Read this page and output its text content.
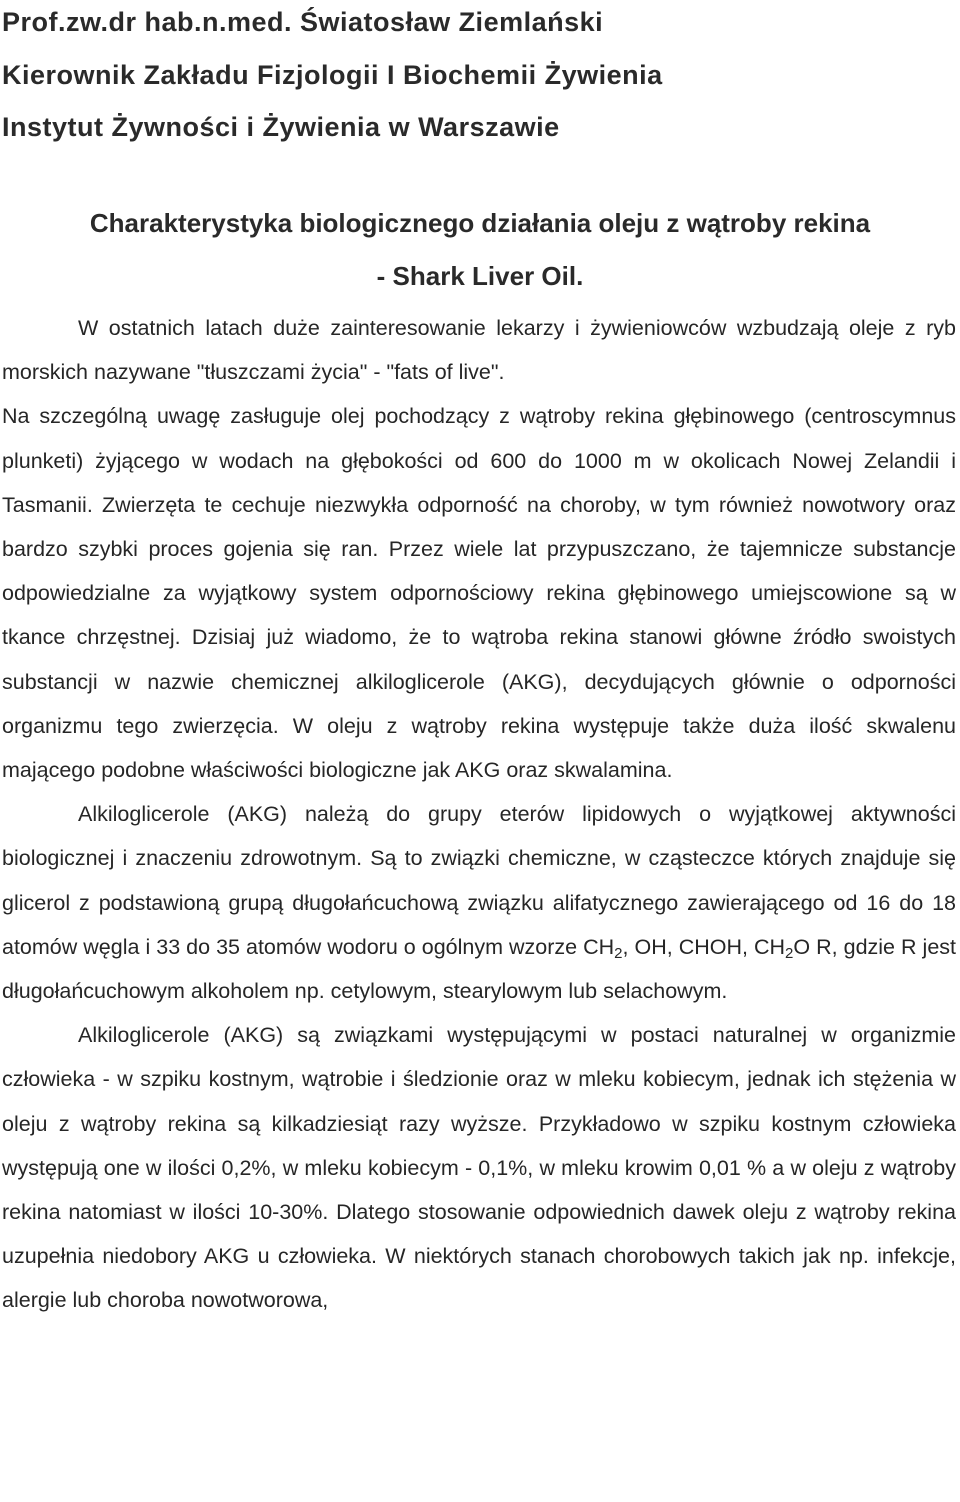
Prof.zw.dr hab.n.med. Światosław Ziemlański
Kierownik Zakładu Fizjologii I Biochemii Żywienia
Instytut Żywności i Żywienia w Warszawie
Charakterystyka biologicznego działania oleju z wątroby rekina
- Shark Liver Oil.

W ostatnich latach duże zainteresowanie lekarzy i żywieniowców wzbudzają oleje z ryb morskich nazywane "tłuszczami życia" - "fats of live".

Na szczególną uwagę zasługuje olej pochodzący z wątroby rekina głębinowego (centroscymnus plunketi) żyjącego w wodach na głębokości od 600 do 1000 m w okolicach Nowej Zelandii i Tasmanii. Zwierzęta te cechuje niezwykła odporność na choroby, w tym również nowotwory oraz bardzo szybki proces gojenia się ran. Przez wiele lat przypuszczano, że tajemnicze substancje odpowiedzialne za wyjątkowy system odpornościowy rekina głębinowego umiejscowione są w tkance chrzęstnej. Dzisiaj już wiadomo, że to wątroba rekina stanowi główne źródło swoistych substancji w nazwie chemicznej alkiloglicerole (AKG), decydujących głównie o odporności organizmu tego zwierzęcia. W oleju z wątroby rekina występuje także duża ilość skwalenu mającego podobne właściwości biologiczne jak AKG oraz skwalamina.

Alkiloglicerole (AKG) należą do grupy eterów lipidowych o wyjątkowej aktywności biologicznej i znaczeniu zdrowotnym. Są to związki chemiczne, w cząsteczce których znajduje się glicerol z podstawioną grupą długołańcuchową związku alifatycznego zawierającego od 16 do 18 atomów węgla i 33 do 35 atomów wodoru o ogólnym wzorze $CH_2$, OH, CHOH, $CH_2O$ R, gdzie R jest długołańcuchowym alkoholem np. cetylowym, stearylowym lub selachowym.

Alkiloglicerole (AKG) są związkami występującymi w postaci naturalnej w organizmie człowieka - w szpiku kostnym, wątrobie i śledzionie oraz w mleku kobiecym, jednak ich stężenia w oleju z wątroby rekina są kilkadziesiąt razy wyższe. Przykładowo w szpiku kostnym człowieka występują one w ilości 0,2%, w mleku kobiecym - 0,1%, w mleku krowim 0,01 % a w oleju z wątroby rekina natomiast w ilości 10-30%. Dlatego stosowanie odpowiednich dawek oleju z wątroby rekina uzupełnia niedobory AKG u człowieka. W niektórych stanach chorobowych takich jak np. infekcje, alergie lub choroba nowotworowa,
